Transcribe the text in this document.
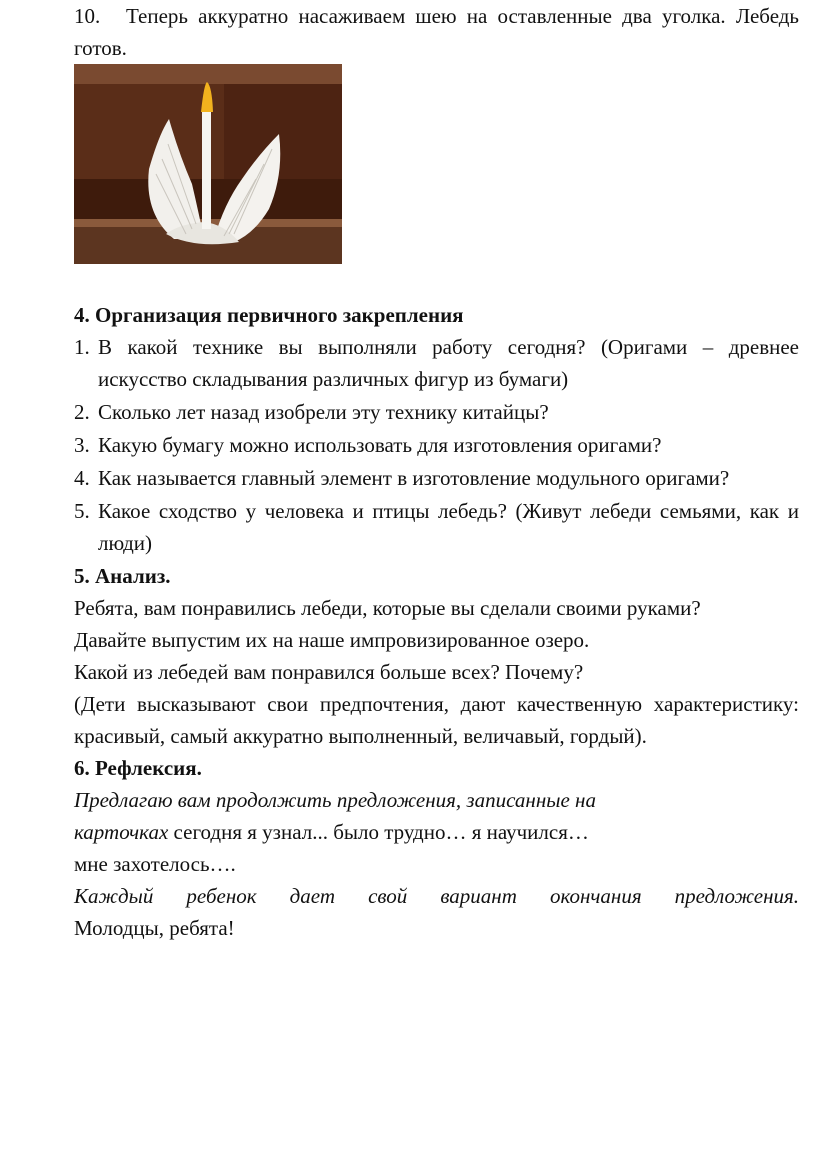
10. Теперь аккуратно насаживаем шею на оставленные два уголка. Лебедь готов.

4. Организация первичного закрепления
1. В какой технике вы выполняли работу сегодня? (Оригами – древнее искусство складывания различных фигур из бумаги)
2. Сколько лет назад изобрели эту технику китайцы?
3. Какую бумагу можно использовать для изготовления оригами?
4. Как называется главный элемент в изготовление модульного оригами?
5. Какое сходство у человека и птицы лебедь? (Живут лебеди семьями, как и люди)
5. Анализ.

Ребята, вам понравились лебеди, которые вы сделали своими руками?

Давайте выпустим их на наше импровизированное озеро.

Какой из лебедей вам понравился больше всех? Почему?

(Дети высказывают свои предпочтения, дают качественную характеристику: красивый, самый аккуратно выполненный, величавый, гордый).

6. Рефлексия.

Предлагаю вам продолжить предложения, записанные на

карточках сегодня я узнал... было трудно… я научился…

мне захотелось….

Каждый ребенок дает свой вариант окончания предложения.

Молодцы, ребята!
